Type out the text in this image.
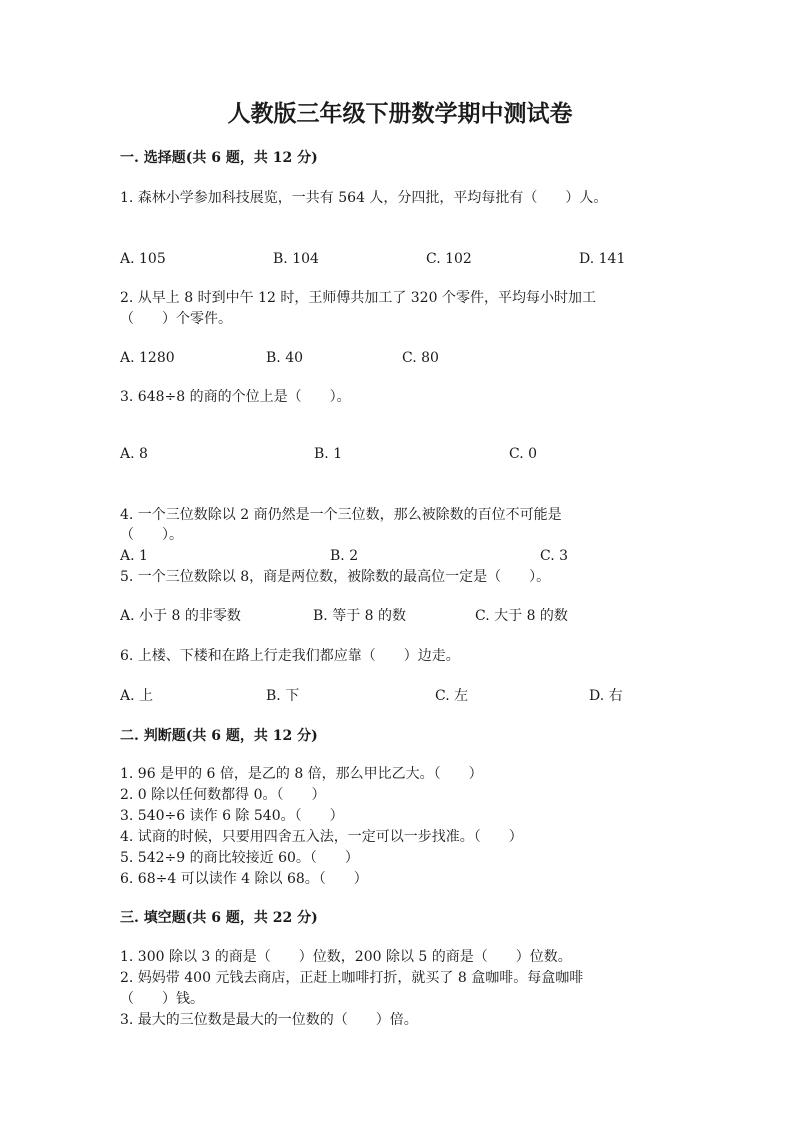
人教版三年级下册数学期中测试卷
一. 选择题(共 6 题，共 12 分)
1. 森林小学参加科技展览，一共有 564 人，分四批，平均每批有（　　）人。
A. 105	B. 104	C. 102	D. 141
2. 从早上 8 时到中午 12 时，王师傅共加工了 320 个零件，平均每小时加工
（　　）个零件。
A. 1280	B. 40	C. 80
3. 648÷8 的商的个位上是（　　）。
A. 8	B. 1	C. 0
4. 一个三位数除以 2 商仍然是一个三位数，那么被除数的百位不可能是
（　　）。
A. 1	B. 2	C. 3
5. 一个三位数除以 8，商是两位数，被除数的最高位一定是（　　）。
A. 小于 8 的非零数	B. 等于 8 的数	C. 大于 8 的数
6. 上楼、下楼和在路上行走我们都应靠（　　）边走。
A. 上	B. 下	C. 左	D. 右
二. 判断题(共 6 题，共 12 分)
1. 96 是甲的 6 倍，是乙的 8 倍，那么甲比乙大。（　　）
2. 0 除以任何数都得 0。（　　）
3. 540÷6 读作 6 除 540。（　　）
4. 试商的时候，只要用四舍五入法，一定可以一步找准。（　　）
5. 542÷9 的商比较接近 60。（　　）
6. 68÷4 可以读作 4 除以 68。（　　）
三. 填空题(共 6 题，共 22 分)
1. 300 除以 3 的商是（　　）位数，200 除以 5 的商是（　　）位数。
2. 妈妈带 400 元钱去商店，正赶上咖啡打折，就买了 8 盒咖啡。每盒咖啡
（　　）钱。
3. 最大的三位数是最大的一位数的（　　）倍。
